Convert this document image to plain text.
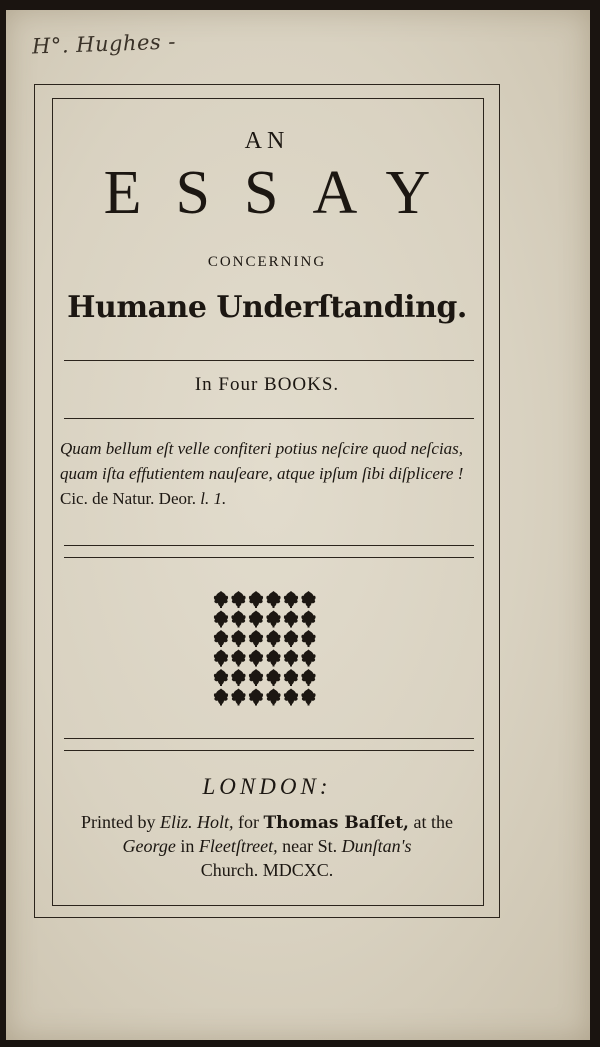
H°. Hughes -
AN
ESSAY
CONCERNING
Humane Underſtanding.
In Four BOOKS.
Quam bellum eſt velle confiteri potius neſcire quod neſcias, quam iſta effutientem nauſeare, atque ipſum ſibi diſplicere ! Cic. de Natur. Deor. l. 1.
LONDON:
Printed by Eliz. Holt, for Thomas Baſſet, at the
George in Fleetſtreet, near St. Dunſtan's
Church. MDCXC.
